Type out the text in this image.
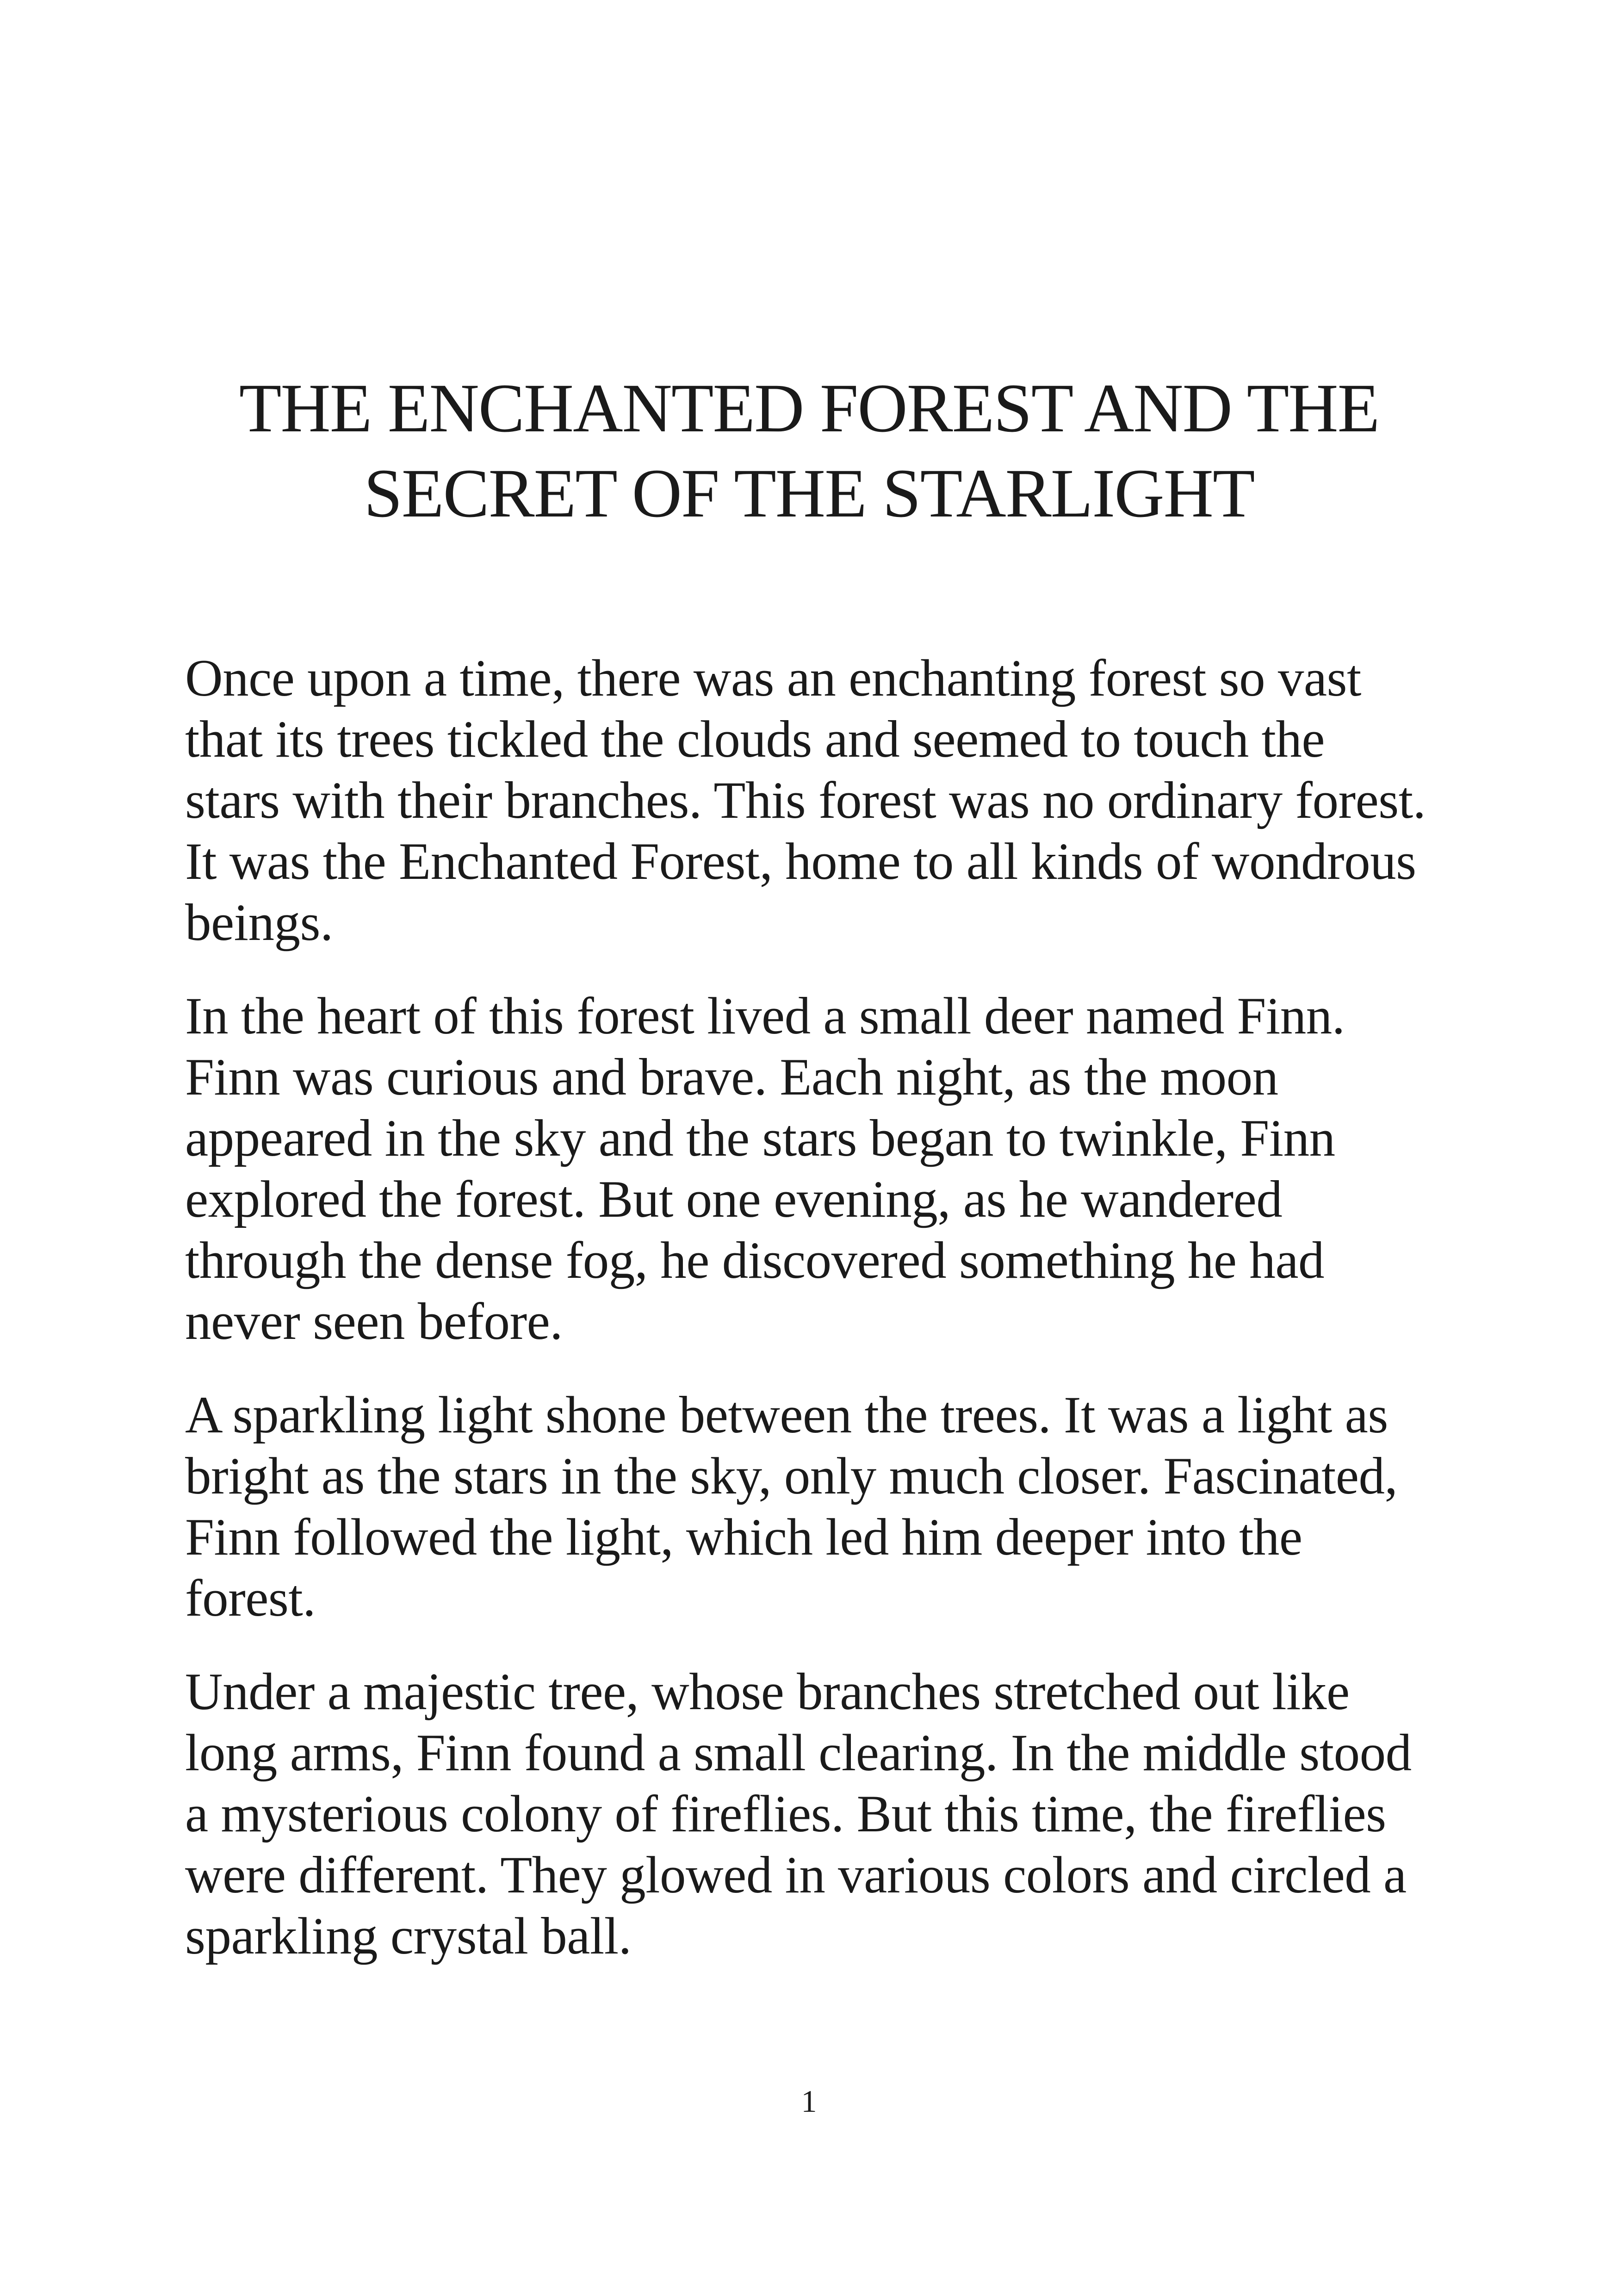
THE ENCHANTED FOREST AND THE
SECRET OF THE STARLIGHT

Once upon a time, there was an enchanting forest so vast
that its trees tickled the clouds and seemed to touch the
stars with their branches. This forest was no ordinary forest.
It was the Enchanted Forest, home to all kinds of wondrous
beings.

In the heart of this forest lived a small deer named Finn.
Finn was curious and brave. Each night, as the moon
appeared in the sky and the stars began to twinkle, Finn
explored the forest. But one evening, as he wandered
through the dense fog, he discovered something he had
never seen before.

A sparkling light shone between the trees. It was a light as
bright as the stars in the sky, only much closer. Fascinated,
Finn followed the light, which led him deeper into the
forest.

Under a majestic tree, whose branches stretched out like
long arms, Finn found a small clearing. In the middle stood
a mysterious colony of fireflies. But this time, the fireflies
were different. They glowed in various colors and circled a
sparkling crystal ball.

1
